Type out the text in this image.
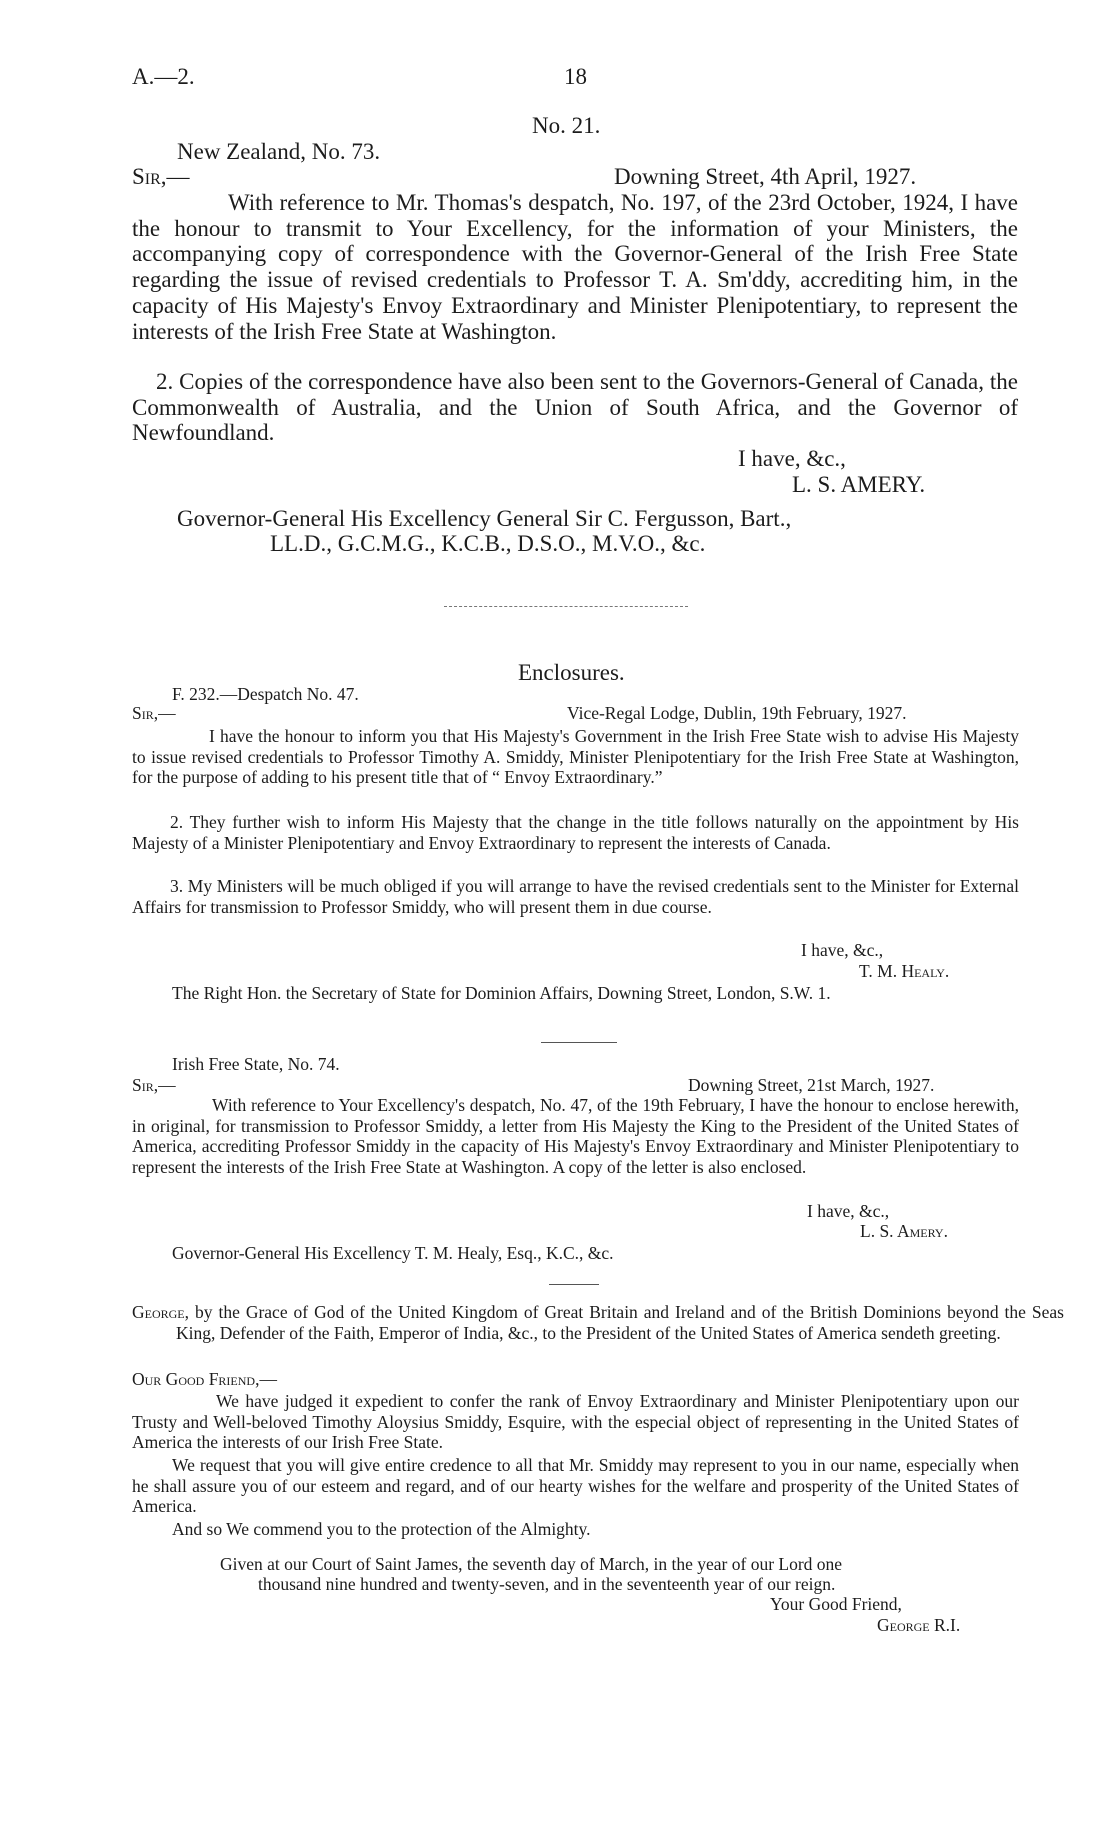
A.—2.	18
No. 21.
New Zealand, No. 73.
Sir,—	Downing Street, 4th April, 1927.
With reference to Mr. Thomas's despatch, No. 197, of the 23rd October, 1924, I have the honour to transmit to Your Excellency, for the information of your Ministers, the accompanying copy of correspondence with the Governor-General of the Irish Free State regarding the issue of revised credentials to Professor T. A. Sm'ddy, accrediting him, in the capacity of His Majesty's Envoy Extraordinary and Minister Plenipotentiary, to represent the interests of the Irish Free State at Washington.
2. Copies of the correspondence have also been sent to the Governors-General of Canada, the Commonwealth of Australia, and the Union of South Africa, and the Governor of Newfoundland.
I have, &c.,
L. S. AMERY.
Governor-General His Excellency General Sir C. Fergusson, Bart.,
LL.D., G.C.M.G., K.C.B., D.S.O., M.V.O., &c.
Enclosures.
F. 232.—Despatch No. 47.
Sir,—	Vice-Regal Lodge, Dublin, 19th February, 1927.
I have the honour to inform you that His Majesty's Government in the Irish Free State wish to advise His Majesty to issue revised credentials to Professor Timothy A. Smiddy, Minister Plenipotentiary for the Irish Free State at Washington, for the purpose of adding to his present title that of “ Envoy Extraordinary.”
2. They further wish to inform His Majesty that the change in the title follows naturally on the appointment by His Majesty of a Minister Plenipotentiary and Envoy Extraordinary to represent the interests of Canada.
3. My Ministers will be much obliged if you will arrange to have the revised credentials sent to the Minister for External Affairs for transmission to Professor Smiddy, who will present them in due course.
I have, &c.,
T. M. Healy.
The Right Hon. the Secretary of State for Dominion Affairs, Downing Street, London, S.W. 1.
Irish Free State, No. 74.
Sir,—	Downing Street, 21st March, 1927.
With reference to Your Excellency's despatch, No. 47, of the 19th February, I have the honour to enclose herewith, in original, for transmission to Professor Smiddy, a letter from His Majesty the King to the President of the United States of America, accrediting Professor Smiddy in the capacity of His Majesty's Envoy Extraordinary and Minister Plenipotentiary to represent the interests of the Irish Free State at Washington. A copy of the letter is also enclosed.
I have, &c.,
L. S. Amery.
Governor-General His Excellency T. M. Healy, Esq., K.C., &c.
George, by the Grace of God of the United Kingdom of Great Britain and Ireland and of the British Dominions beyond the Seas King, Defender of the Faith, Emperor of India, &c., to the President of the United States of America sendeth greeting.
Our Good Friend,—
We have judged it expedient to confer the rank of Envoy Extraordinary and Minister Plenipotentiary upon our Trusty and Well-beloved Timothy Aloysius Smiddy, Esquire, with the especial object of representing in the United States of America the interests of our Irish Free State.
We request that you will give entire credence to all that Mr. Smiddy may represent to you in our name, especially when he shall assure you of our esteem and regard, and of our hearty wishes for the welfare and prosperity of the United States of America.
And so We commend you to the protection of the Almighty.
Given at our Court of Saint James, the seventh day of March, in the year of our Lord one
thousand nine hundred and twenty-seven, and in the seventeenth year of our reign.
Your Good Friend,
George R.I.
